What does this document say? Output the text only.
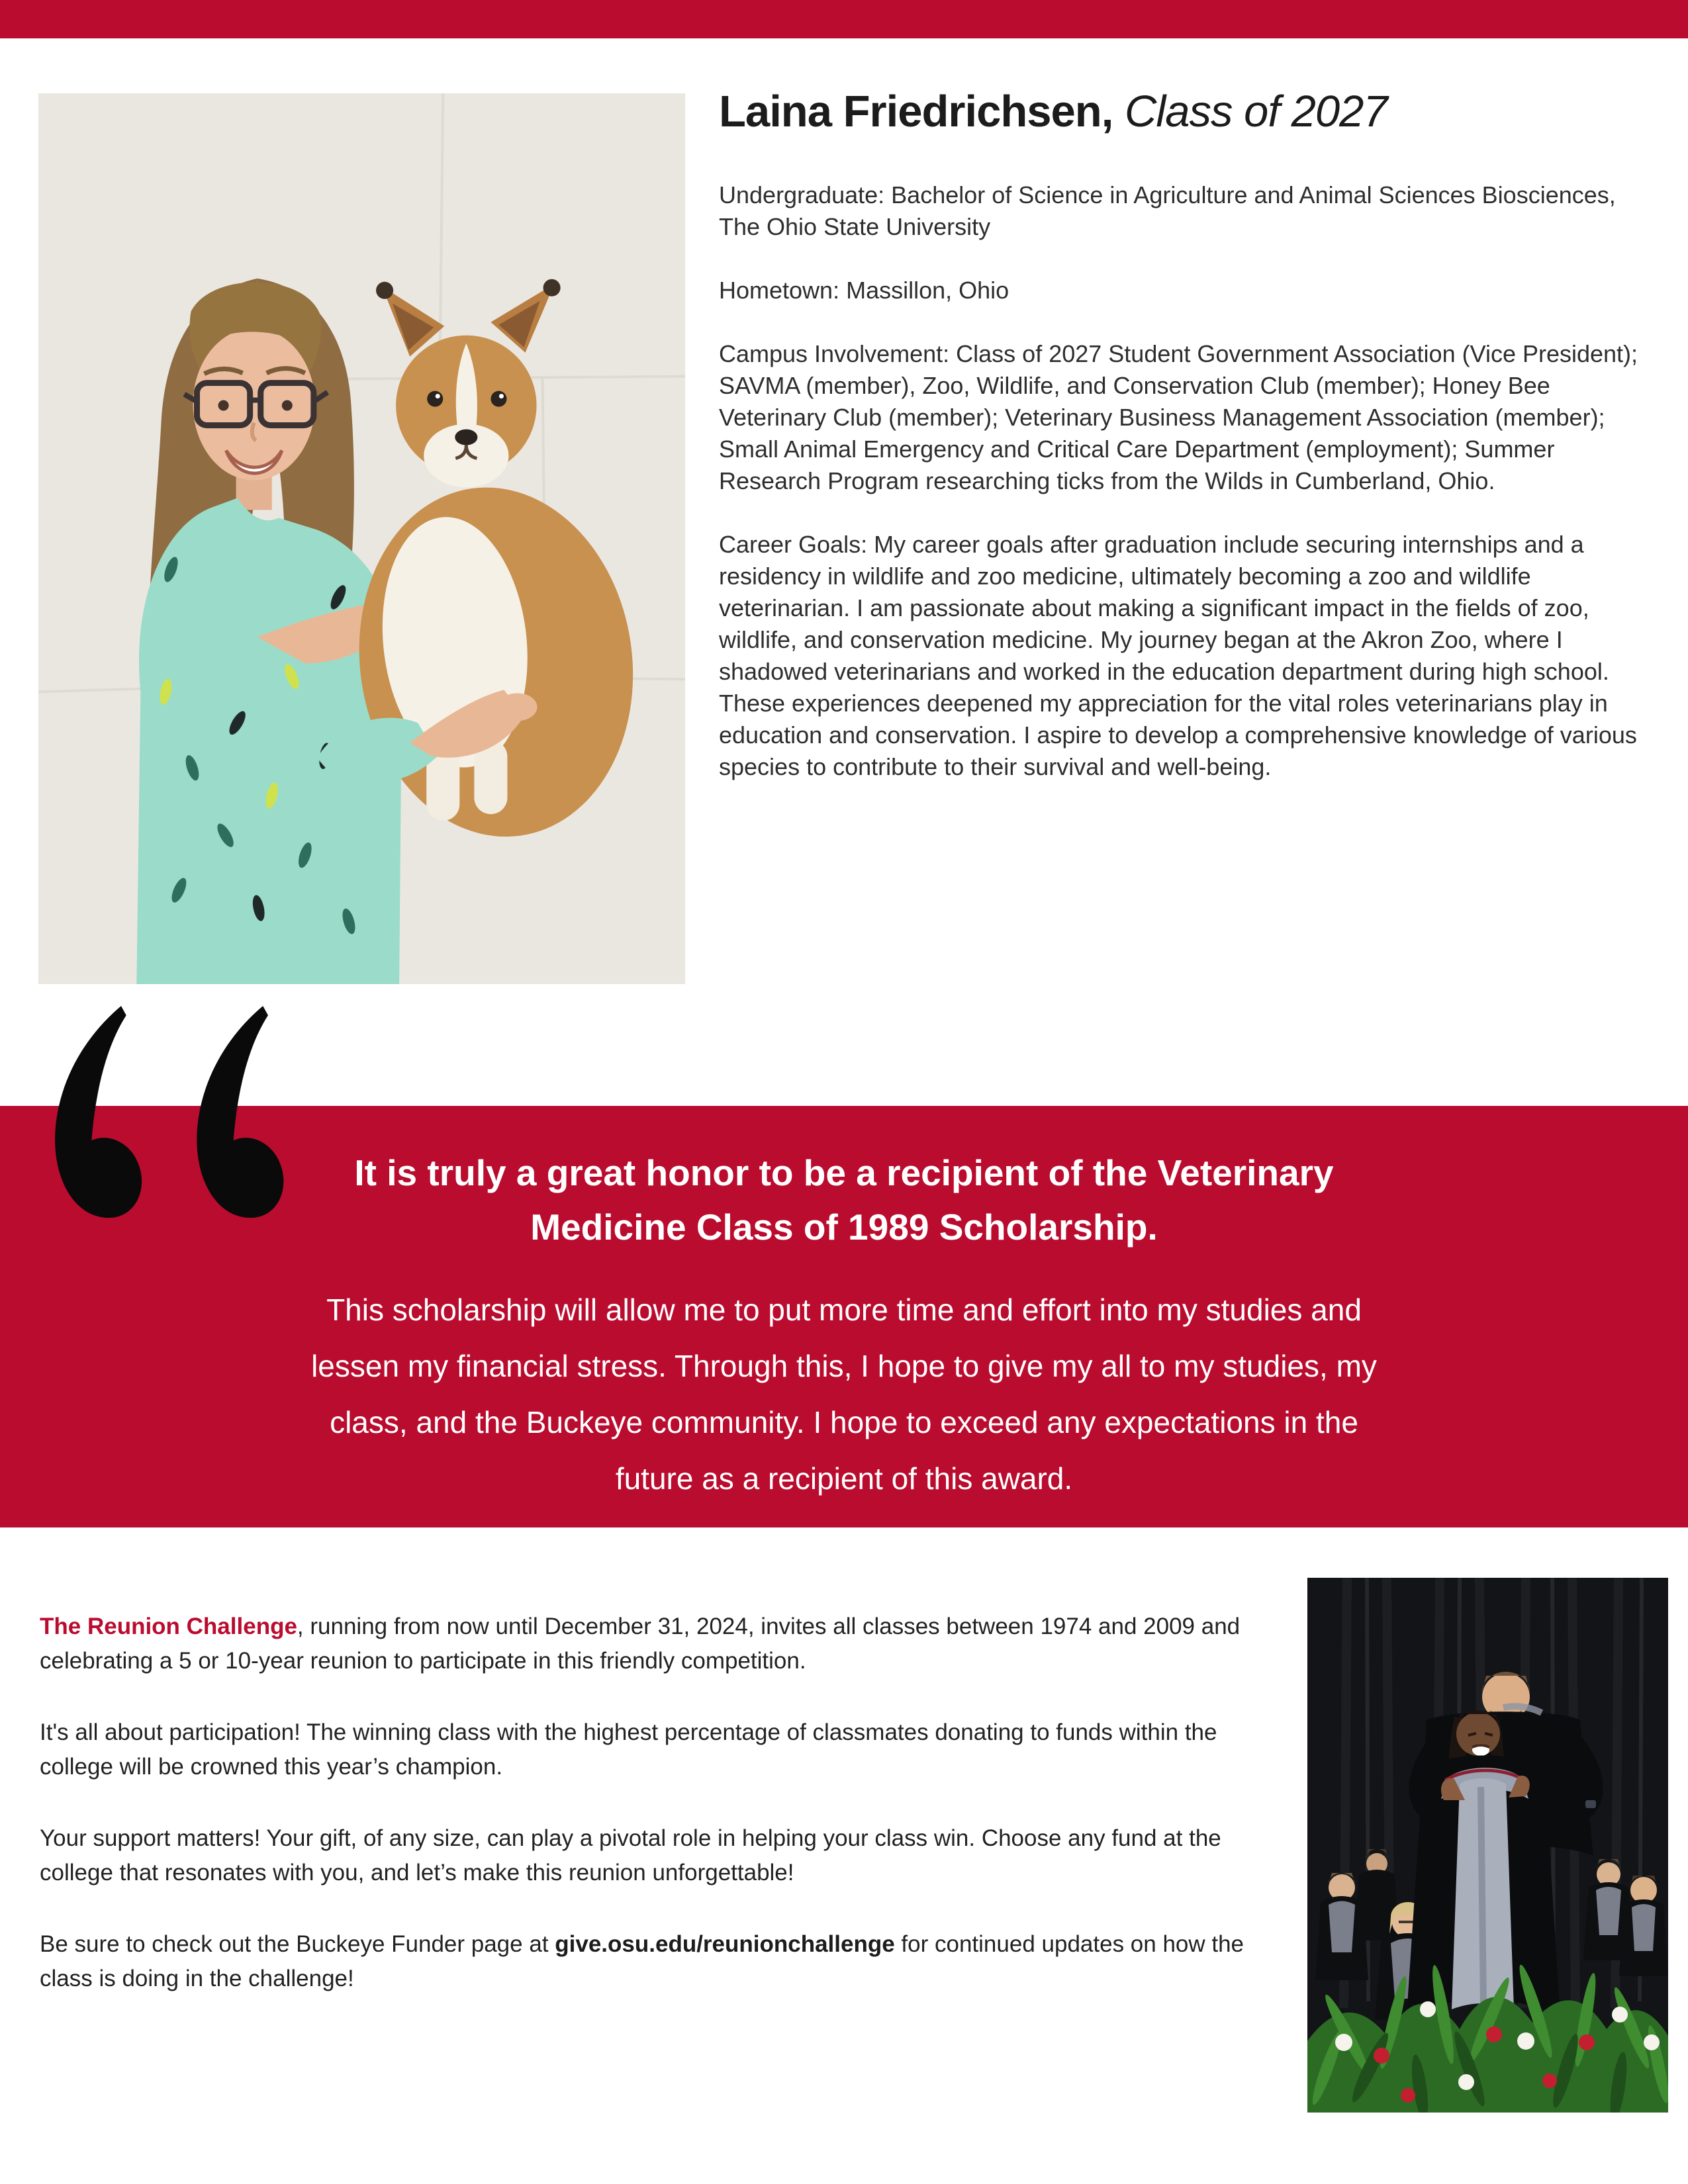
Laina Friedrichsen, Class of 2027

Undergraduate: Bachelor of Science in Agriculture and Animal Sciences Biosciences, The Ohio State University

Hometown: Massillon, Ohio

Campus Involvement: Class of 2027 Student Government Association (Vice President); SAVMA (member), Zoo, Wildlife, and Conservation Club (member); Honey Bee Veterinary Club (member); Veterinary Business Management Association (member); Small Animal Emergency and Critical Care Department (employment); Summer Research Program researching ticks from the Wilds in Cumberland, Ohio.

Career Goals: My career goals after graduation include securing internships and a residency in wildlife and zoo medicine, ultimately becoming a zoo and wildlife veterinarian. I am passionate about making a significant impact in the fields of zoo, wildlife, and conservation medicine. My journey began at the Akron Zoo, where I shadowed veterinarians and worked in the education department during high school. These experiences deepened my appreciation for the vital roles veterinarians play in education and conservation. I aspire to develop a comprehensive knowledge of various species to contribute to their survival and well-being.

It is truly a great honor to be a recipient of the Veterinary
Medicine Class of 1989 Scholarship.
This scholarship will allow me to put more time and effort into my studies and
lessen my financial stress. Through this, I hope to give my all to my studies, my
class, and the Buckeye community. I hope to exceed any expectations in the
future as a recipient of this award.

The Reunion Challenge, running from now until December 31, 2024, invites all classes between 1974 and 2009 and celebrating a 5 or 10-year reunion to participate in this friendly competition.

It's all about participation! The winning class with the highest percentage of classmates donating to funds within the college will be crowned this year’s champion.

Your support matters! Your gift, of any size, can play a pivotal role in helping your class win. Choose any fund at the college that resonates with you, and let’s make this reunion unforgettable!

Be sure to check out the Buckeye Funder page at give.osu.edu/reunionchallenge for continued updates on how the class is doing in the challenge!
